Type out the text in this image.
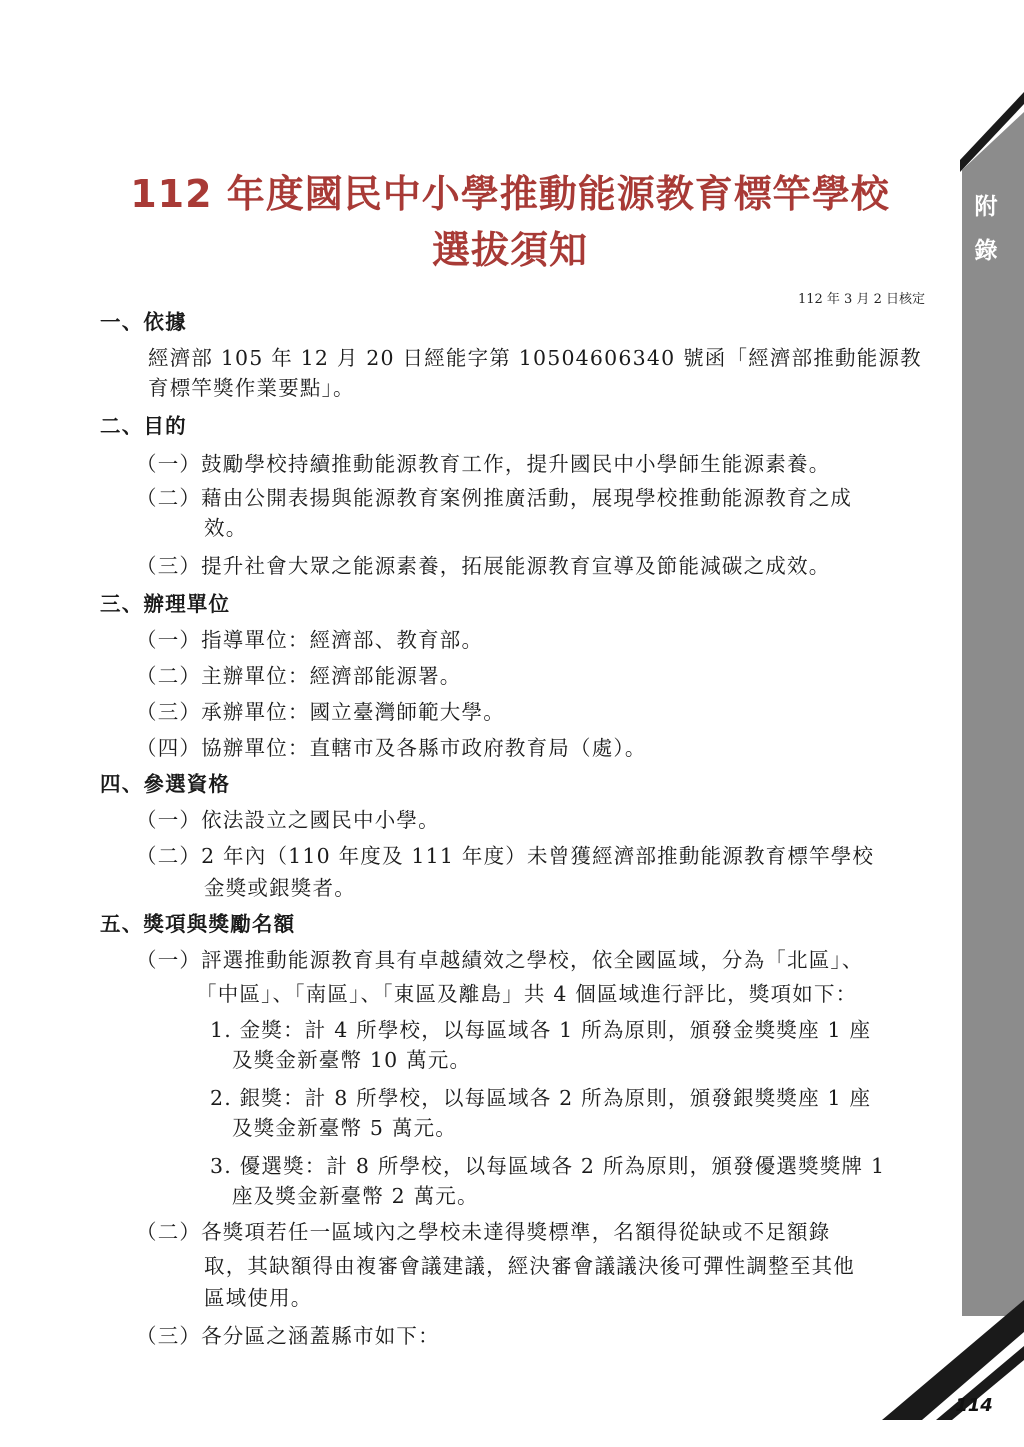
附
錄
114
112 年度國民中小學推動能源教育標竿學校
選拔須知
112 年 3 月 2 日核定
一、依據
經濟部 105 年 12 月 20 日經能字第 10504606340 號函「經濟部推動能源教
育標竿獎作業要點」。
二、目的
（一）鼓勵學校持續推動能源教育工作，提升國民中小學師生能源素養。
（二）藉由公開表揚與能源教育案例推廣活動，展現學校推動能源教育之成
效。
（三）提升社會大眾之能源素養，拓展能源教育宣導及節能減碳之成效。
三、辦理單位
（一）指導單位：經濟部、教育部。
（二）主辦單位：經濟部能源署。
（三）承辦單位：國立臺灣師範大學。
（四）協辦單位：直轄市及各縣市政府教育局（處）。
四、參選資格
（一）依法設立之國民中小學。
（二）2 年內（110 年度及 111 年度）未曾獲經濟部推動能源教育標竿學校
金獎或銀獎者。
五、獎項與獎勵名額
（一）評選推動能源教育具有卓越績效之學校，依全國區域，分為「北區」、
「中區」、「南區」、「東區及離島」共 4 個區域進行評比，獎項如下：
1. 金獎：計 4 所學校，以每區域各 1 所為原則，頒發金獎獎座 1 座
及獎金新臺幣 10 萬元。
2. 銀獎：計 8 所學校，以每區域各 2 所為原則，頒發銀獎獎座 1 座
及獎金新臺幣 5 萬元。
3. 優選獎：計 8 所學校，以每區域各 2 所為原則，頒發優選獎獎牌 1
座及獎金新臺幣 2 萬元。
（二）各獎項若任一區域內之學校未達得獎標準，名額得從缺或不足額錄
取，其缺額得由複審會議建議，經決審會議議決後可彈性調整至其他
區域使用。
（三）各分區之涵蓋縣市如下：
